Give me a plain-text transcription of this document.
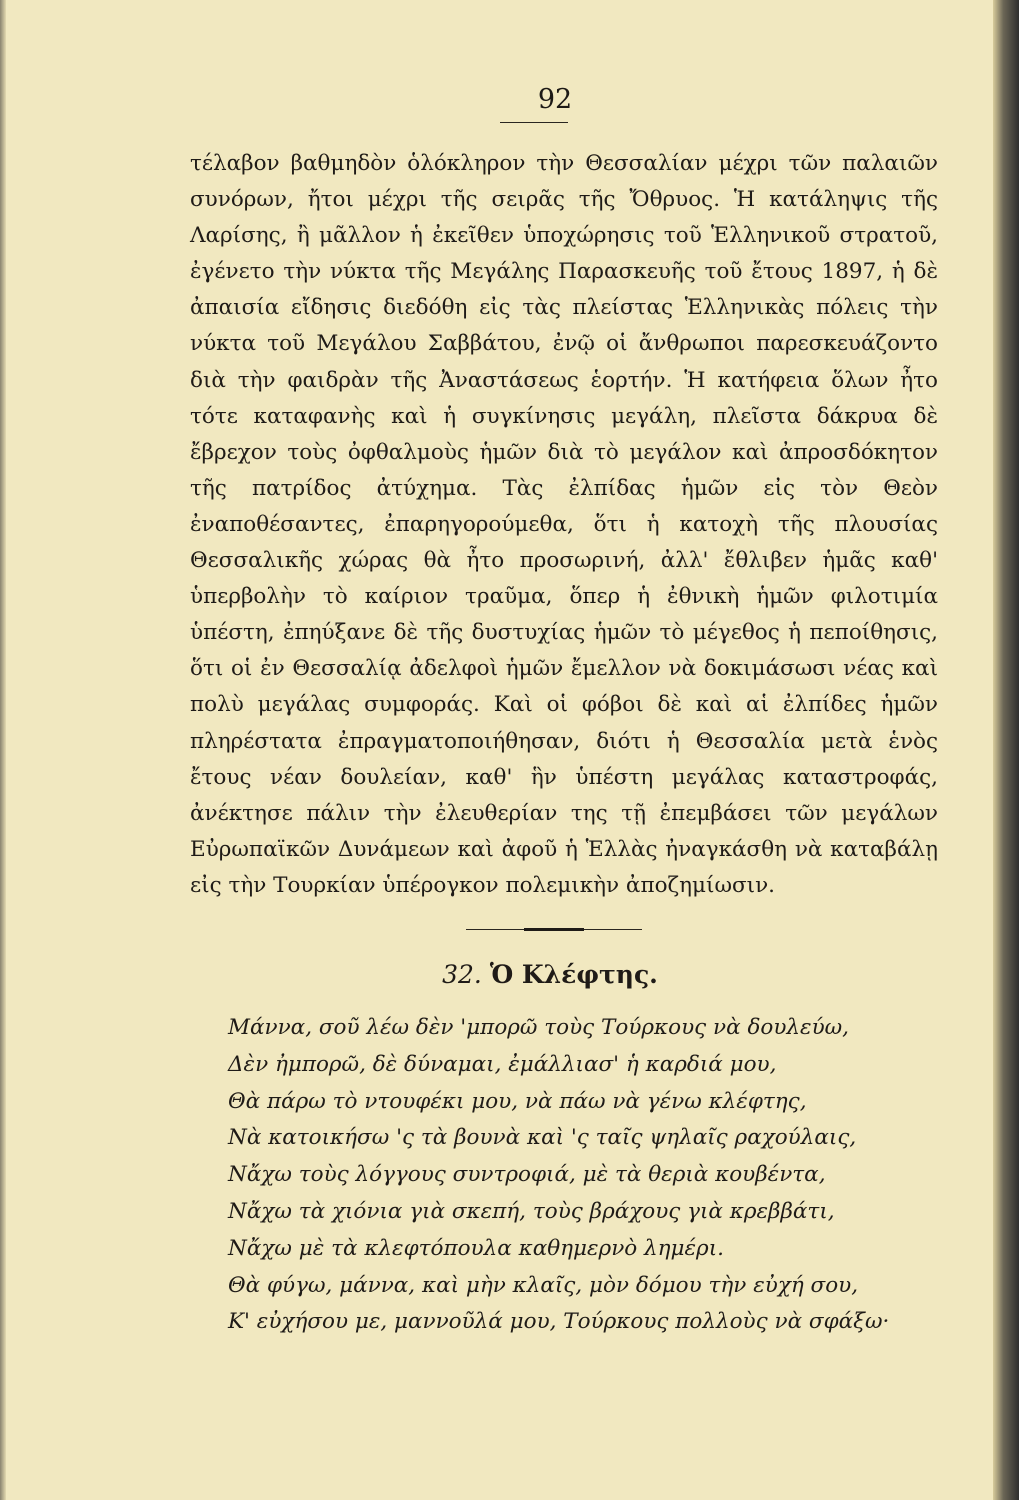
92

τέλαβον βαθμηδὸν ὁλόκληρον τὴν Θεσσαλίαν μέχρι τῶν παλαιῶν συνόρων, ἤτοι μέχρι τῆς σειρᾶς τῆς Ὄθρυος. Ἡ κατάληψις τῆς Λαρίσης, ἢ μᾶλλον ἡ ἐκεῖθεν ὑποχώρησις τοῦ Ἑλληνικοῦ στρατοῦ, ἐγένετο τὴν νύκτα τῆς Μεγάλης Παρασκευῆς τοῦ ἔτους 1897, ἡ δὲ ἀπαισία εἴδησις διεδόθη εἰς τὰς πλείστας Ἑλληνικὰς πόλεις τὴν νύκτα τοῦ Μεγάλου Σαββάτου, ἐνῷ οἱ ἄνθρωποι παρεσκευάζοντο διὰ τὴν φαιδρὰν τῆς Ἀναστάσεως ἑορτήν. Ἡ κατήφεια ὅλων ἦτο τότε καταφανὴς καὶ ἡ συγκίνησις μεγάλη, πλεῖστα δάκρυα δὲ ἔβρεχον τοὺς ὀφθαλμοὺς ἡμῶν διὰ τὸ μεγάλον καὶ ἀπροσδόκητον τῆς πατρίδος ἀτύχημα. Τὰς ἐλπίδας ἡμῶν εἰς τὸν Θεὸν ἐναποθέσαντες, ἐπαρηγορούμεθα, ὅτι ἡ κατοχὴ τῆς πλουσίας Θεσσαλικῆς χώρας θὰ ἦτο προσωρινή, ἀλλ' ἔθλιβεν ἡμᾶς καθ' ὑπερβολὴν τὸ καίριον τραῦμα, ὅπερ ἡ ἐθνικὴ ἡμῶν φιλοτιμία ὑπέστη, ἐπηύξανε δὲ τῆς δυστυχίας ἡμῶν τὸ μέγεθος ἡ πεποίθησις, ὅτι οἱ ἐν Θεσσαλίᾳ ἀδελφοὶ ἡμῶν ἔμελλον νὰ δοκιμάσωσι νέας καὶ πολὺ μεγάλας συμφοράς. Καὶ οἱ φόβοι δὲ καὶ αἱ ἐλπίδες ἡμῶν πληρέστατα ἐπραγματοποιήθησαν, διότι ἡ Θεσσαλία μετὰ ἑνὸς ἔτους νέαν δουλείαν, καθ' ἣν ὑπέστη μεγάλας καταστροφάς, ἀνέκτησε πάλιν τὴν ἐλευθερίαν της τῇ ἐπεμβάσει τῶν μεγάλων Εὐρωπαϊκῶν Δυνάμεων καὶ ἀφοῦ ἡ Ἑλλὰς ἠναγκάσθη νὰ καταβάλῃ εἰς τὴν Τουρκίαν ὑπέρογκον πολεμικὴν ἀποζημίωσιν.

32. Ὁ Κλέφτης.
Μάννα, σοῦ λέω δὲν 'μπορῶ τοὺς Τούρκους νὰ δουλεύω,
Δὲν ἠμπορῶ, δὲ δύναμαι, ἐμάλλιασ' ἡ καρδιά μου,
Θὰ πάρω τὸ ντουφέκι μου, νὰ πάω νὰ γένω κλέφτης,
Νὰ κατοικήσω 'ς τὰ βουνὰ καὶ 'ς ταῖς ψηλαῖς ραχούλαις,
Νἄχω τοὺς λόγγους συντροφιά, μὲ τὰ θεριὰ κουβέντα,
Νἄχω τὰ χιόνια γιὰ σκεπή, τοὺς βράχους γιὰ κρεββάτι,
Νἄχω μὲ τὰ κλεφτόπουλα καθημερνὸ λημέρι.
Θὰ φύγω, μάννα, καὶ μὴν κλαῖς, μὸν δόμου τὴν εὐχή σου,
Κ' εὐχήσου με, μαννοῦλά μου, Τούρκους πολλοὺς νὰ σφάξω·
